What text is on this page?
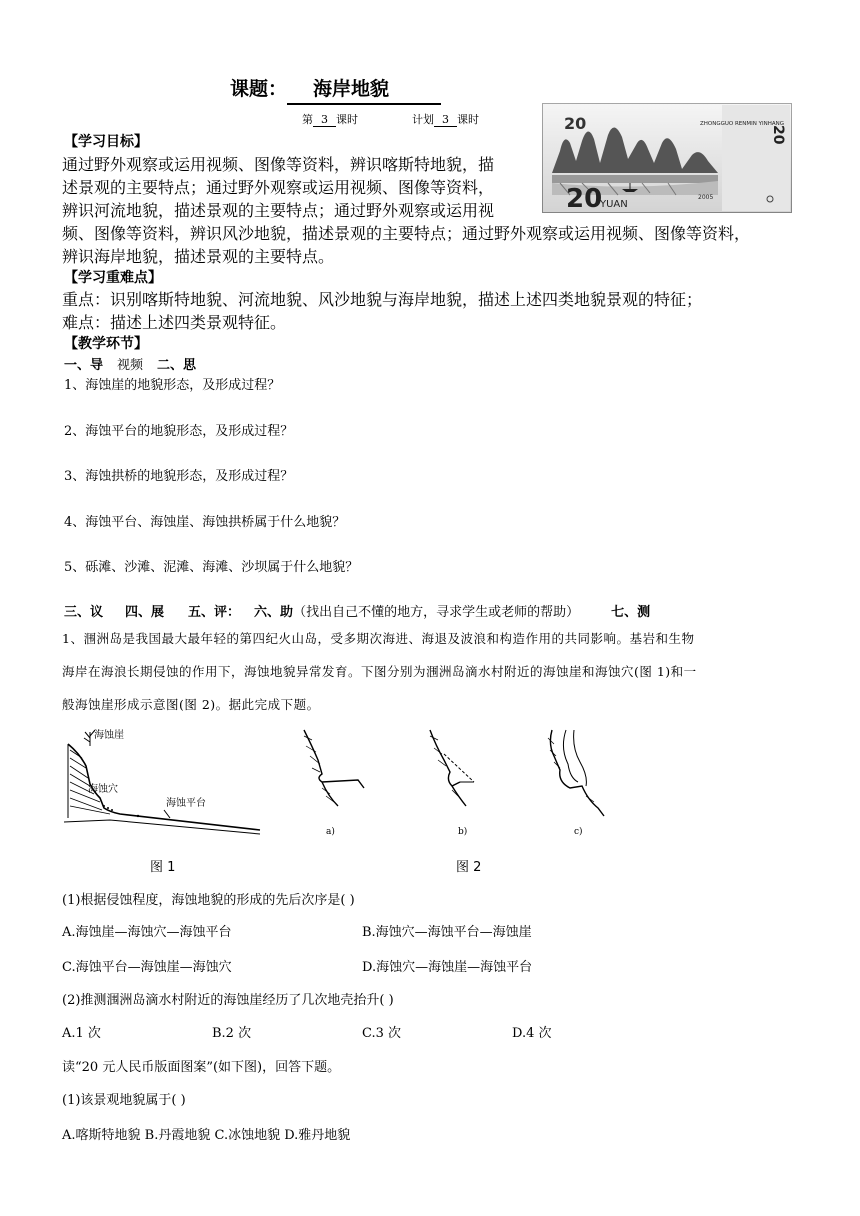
课题： 海岸地貌
第 3 课时	计划 3 课时	ZHONGGUO RENMIN YINHANG
20
20
YUAN
2005
20
【学习目标】
通过野外观察或运用视频、图像等资料，辨识喀斯特地貌，描
述景观的主要特点；通过野外观察或运用视频、图像等资料，
辨识河流地貌，描述景观的主要特点；通过野外观察或运用视
频、图像等资料，辨识风沙地貌，描述景观的主要特点；通过野外观察或运用视频、图像等资料，
辨识海岸地貌，描述景观的主要特点。
【学习重难点】
重点：识别喀斯特地貌、河流地貌、风沙地貌与海岸地貌，描述上述四类地貌景观的特征；
难点：描述上述四类景观特征。
【教学环节】
一、导 视频 二、思
1、海蚀崖的地貌形态，及形成过程？
2、海蚀平台的地貌形态，及形成过程？
3、海蚀拱桥的地貌形态，及形成过程？
4、海蚀平台、海蚀崖、海蚀拱桥属于什么地貌？
5、砾滩、沙滩、泥滩、海滩、沙坝属于什么地貌？
三、议 四、展 五、评： 六、助（找出自己不懂的地方，寻求学生或老师的帮助） 七、测
1、涠洲岛是我国最大最年轻的第四纪火山岛，受多期次海进、海退及波浪和构造作用的共同影响。基岩和生物
海岸在海浪长期侵蚀的作用下，海蚀地貌异常发育。下图分别为涠洲岛滴水村附近的海蚀崖和海蚀穴(图 1)和一
般海蚀崖形成示意图(图 2)。据此完成下题。
海蚀崖
海蚀穴
海蚀平台
图 1
a)	b)	c)
图 2
(1)根据侵蚀程度，海蚀地貌的形成的先后次序是( )
A.海蚀崖—海蚀穴—海蚀平台	B.海蚀穴—海蚀平台—海蚀崖
C.海蚀平台—海蚀崖—海蚀穴	D.海蚀穴—海蚀崖—海蚀平台
(2)推测涠洲岛滴水村附近的海蚀崖经历了几次地壳抬升( )
A.1 次	B.2 次	C.3 次	D.4 次
读“20 元人民币版面图案”(如下图)，回答下题。
(1)该景观地貌属于( )
A.喀斯特地貌 B.丹霞地貌 C.冰蚀地貌 D.雅丹地貌
